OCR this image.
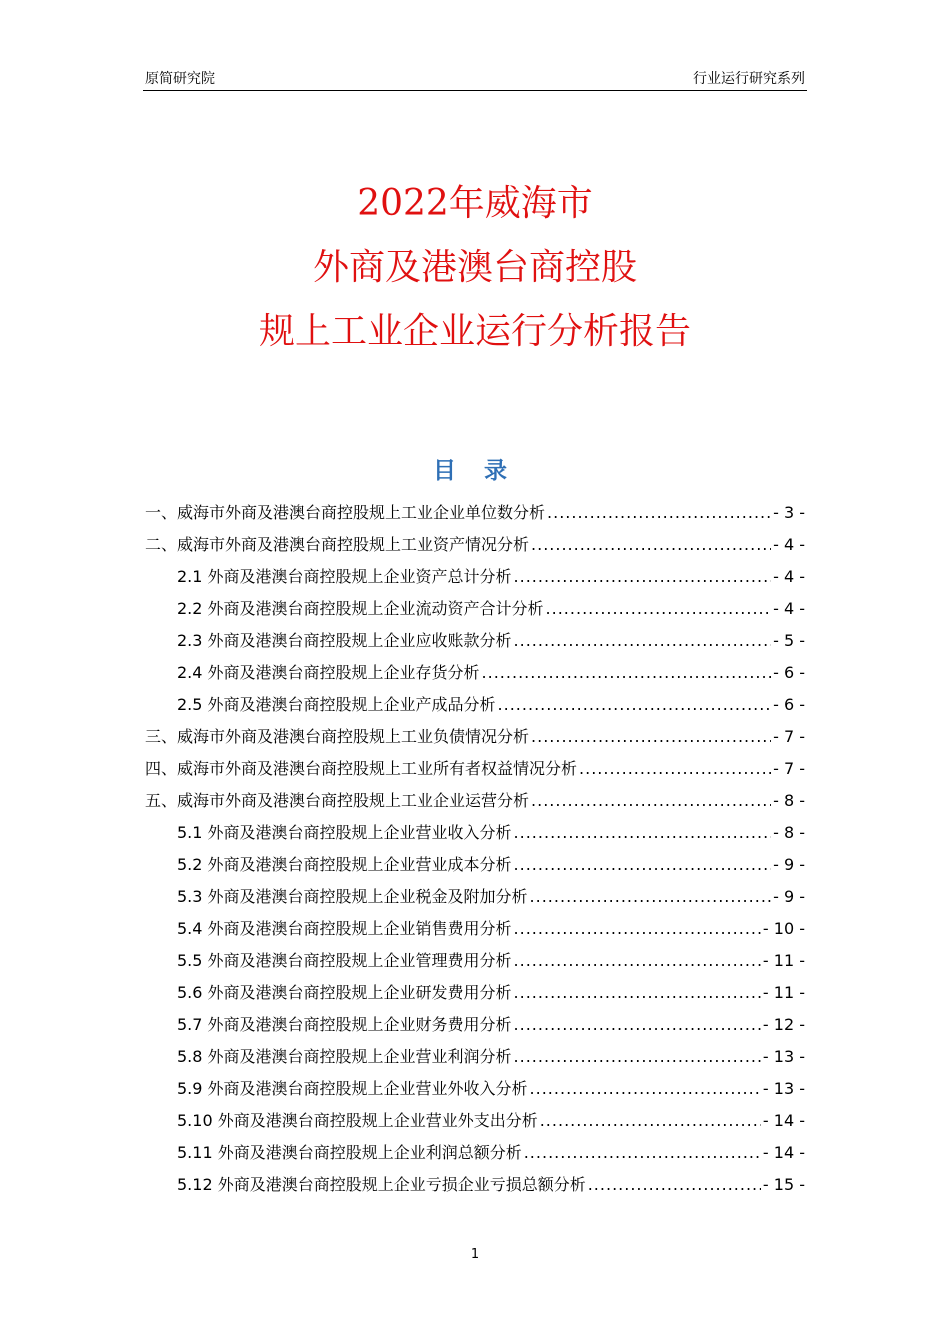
原简研究院	行业运行研究系列
2022年威海市
外商及港澳台商控股
规上工业企业运行分析报告
目 录
一、威海市外商及港澳台商控股规上工业企业单位数分析 .....	- 3 -
二、威海市外商及港澳台商控股规上工业资产情况分析 .....	- 4 -
2.1 外商及港澳台商控股规上企业资产总计分析 .....	- 4 -
2.2 外商及港澳台商控股规上企业流动资产合计分析 .....	- 4 -
2.3 外商及港澳台商控股规上企业应收账款分析 .....	- 5 -
2.4 外商及港澳台商控股规上企业存货分析 .....	- 6 -
2.5 外商及港澳台商控股规上企业产成品分析 .....	- 6 -
三、威海市外商及港澳台商控股规上工业负债情况分析 .....	- 7 -
四、威海市外商及港澳台商控股规上工业所有者权益情况分析 .....	- 7 -
五、威海市外商及港澳台商控股规上工业企业运营分析 .....	- 8 -
5.1 外商及港澳台商控股规上企业营业收入分析 .....	- 8 -
5.2 外商及港澳台商控股规上企业营业成本分析 .....	- 9 -
5.3 外商及港澳台商控股规上企业税金及附加分析 .....	- 9 -
5.4 外商及港澳台商控股规上企业销售费用分析 .....	- 10 -
5.5 外商及港澳台商控股规上企业管理费用分析 .....	- 11 -
5.6 外商及港澳台商控股规上企业研发费用分析 .....	- 11 -
5.7 外商及港澳台商控股规上企业财务费用分析 .....	- 12 -
5.8 外商及港澳台商控股规上企业营业利润分析 .....	- 13 -
5.9 外商及港澳台商控股规上企业营业外收入分析 .....	- 13 -
5.10 外商及港澳台商控股规上企业营业外支出分析 .....	- 14 -
5.11 外商及港澳台商控股规上企业利润总额分析 .....	- 14 -
5.12 外商及港澳台商控股规上企业亏损企业亏损总额分析 .....	- 15 -
1
